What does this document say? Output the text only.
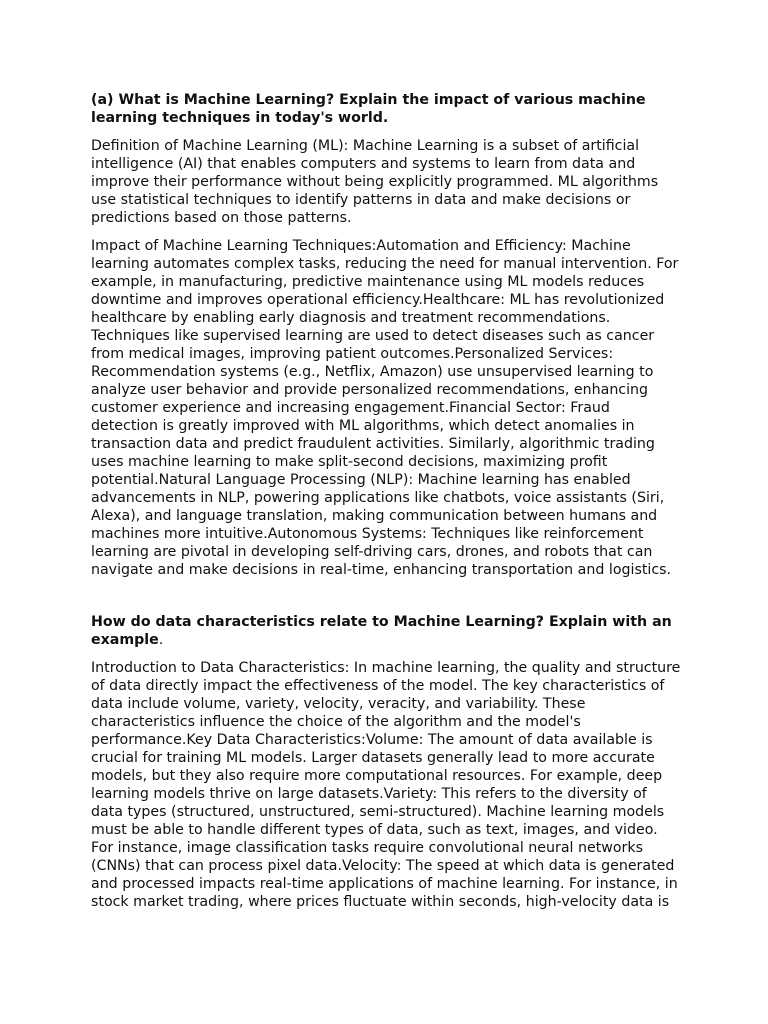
(a) What is Machine Learning? Explain the impact of various machine learning techniques in today's world.

Definition of Machine Learning (ML): Machine Learning is a subset of artificial intelligence (AI) that enables computers and systems to learn from data and improve their performance without being explicitly programmed. ML algorithms use statistical techniques to identify patterns in data and make decisions or predictions based on those patterns.

Impact of Machine Learning Techniques:Automation and Efficiency: Machine learning automates complex tasks, reducing the need for manual intervention. For example, in manufacturing, predictive maintenance using ML models reduces downtime and improves operational efficiency.Healthcare: ML has revolutionized healthcare by enabling early diagnosis and treatment recommendations. Techniques like supervised learning are used to detect diseases such as cancer from medical images, improving patient outcomes.Personalized Services: Recommendation systems (e.g., Netflix, Amazon) use unsupervised learning to analyze user behavior and provide personalized recommendations, enhancing customer experience and increasing engagement.Financial Sector: Fraud detection is greatly improved with ML algorithms, which detect anomalies in transaction data and predict fraudulent activities. Similarly, algorithmic trading uses machine learning to make split-second decisions, maximizing profit potential.Natural Language Processing (NLP): Machine learning has enabled advancements in NLP, powering applications like chatbots, voice assistants (Siri, Alexa), and language translation, making communication between humans and machines more intuitive.Autonomous Systems: Techniques like reinforcement learning are pivotal in developing self-driving cars, drones, and robots that can navigate and make decisions in real-time, enhancing transportation and logistics.

How do data characteristics relate to Machine Learning? Explain with an example.

Introduction to Data Characteristics: In machine learning, the quality and structure of data directly impact the effectiveness of the model. The key characteristics of data include volume, variety, velocity, veracity, and variability. These characteristics influence the choice of the algorithm and the model's performance.Key Data Characteristics:Volume: The amount of data available is crucial for training ML models. Larger datasets generally lead to more accurate models, but they also require more computational resources. For example, deep learning models thrive on large datasets.Variety: This refers to the diversity of data types (structured, unstructured, semi-structured). Machine learning models must be able to handle different types of data, such as text, images, and video. For instance, image classification tasks require convolutional neural networks (CNNs) that can process pixel data.Velocity: The speed at which data is generated and processed impacts real-time applications of machine learning. For instance, in stock market trading, where prices fluctuate within seconds, high-velocity data is
